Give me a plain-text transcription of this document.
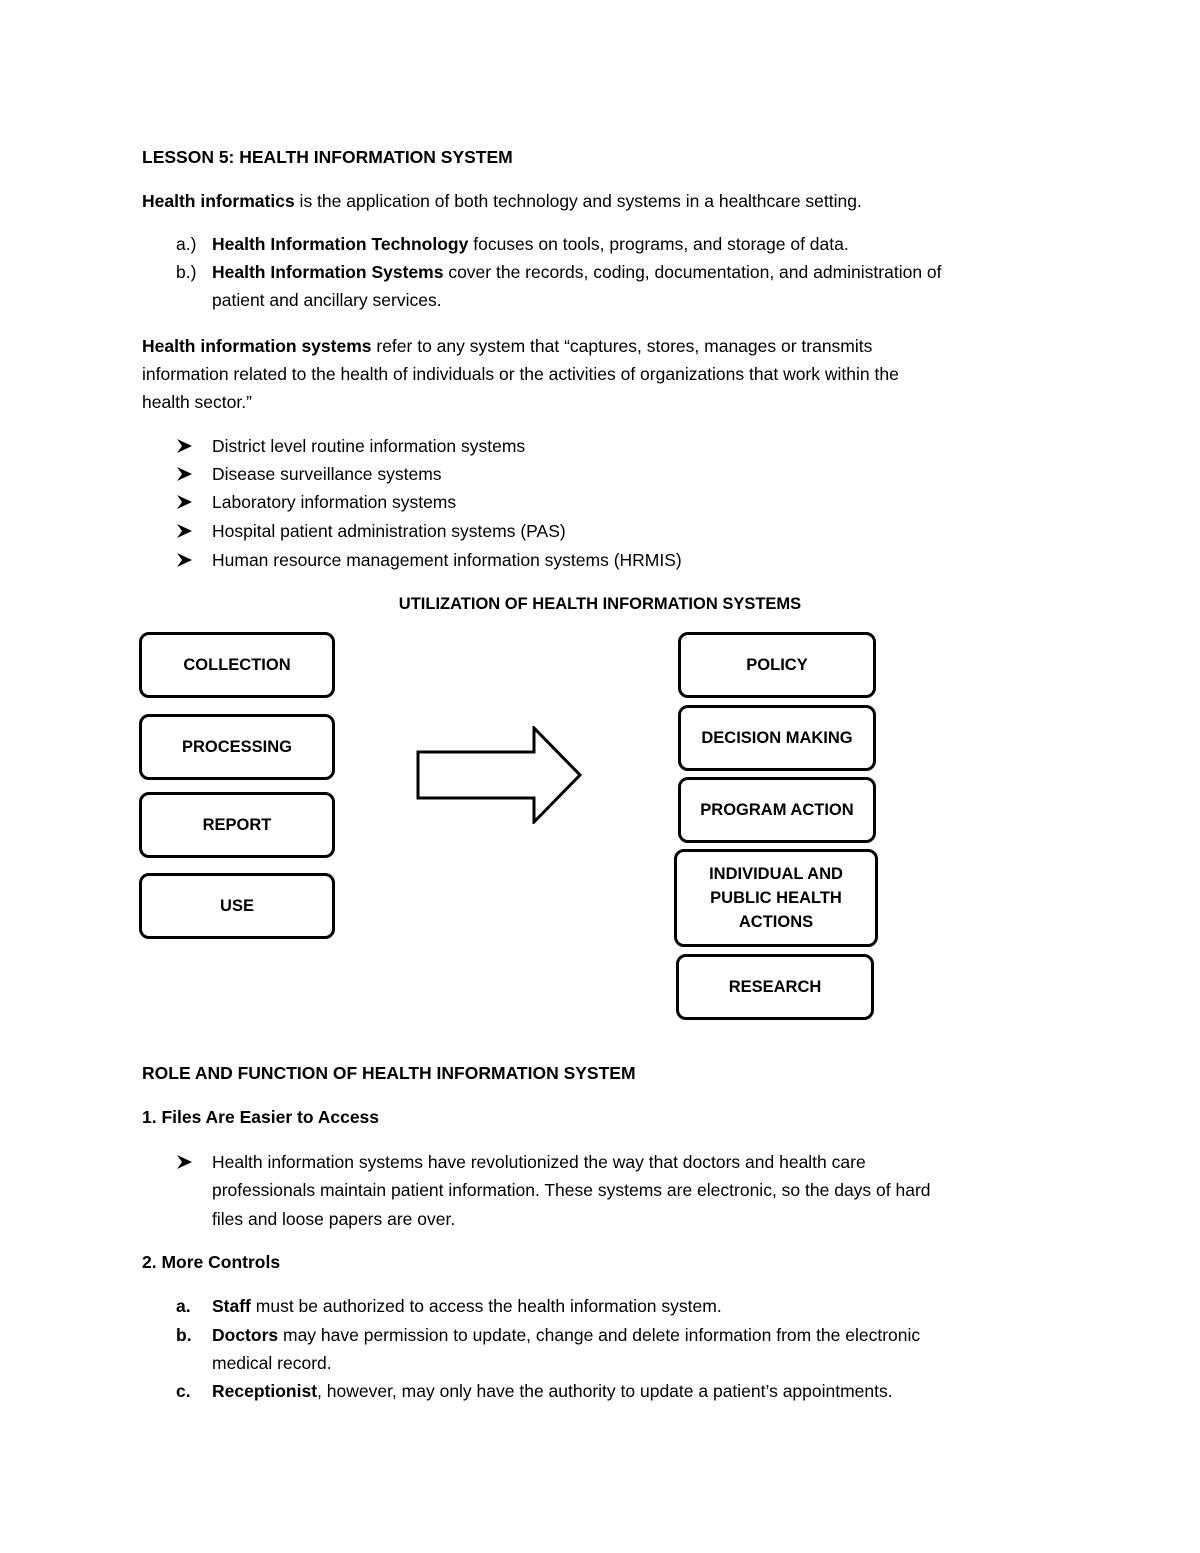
LESSON 5: HEALTH INFORMATION SYSTEM
Health informatics is the application of both technology and systems in a healthcare setting.
a.) Health Information Technology focuses on tools, programs, and storage of data.
b.) Health Information Systems cover the records, coding, documentation, and administration of
patient and ancillary services.
Health information systems refer to any system that “captures, stores, manages or transmits
information related to the health of individuals or the activities of organizations that work within the
health sector.”
District level routine information systems
Disease surveillance systems
Laboratory information systems
Hospital patient administration systems (PAS)
Human resource management information systems (HRMIS)
UTILIZATION OF HEALTH INFORMATION SYSTEMS
COLLECTION
PROCESSING
REPORT
USE
POLICY
DECISION MAKING
PROGRAM ACTION
INDIVIDUAL AND PUBLIC HEALTH ACTIONS
RESEARCH
ROLE AND FUNCTION OF HEALTH INFORMATION SYSTEM
1. Files Are Easier to Access
Health information systems have revolutionized the way that doctors and health care
professionals maintain patient information. These systems are electronic, so the days of hard
files and loose papers are over.
2. More Controls
a.	Staff must be authorized to access the health information system.
b.	Doctors may have permission to update, change and delete information from the electronic
medical record.
c.	Receptionist, however, may only have the authority to update a patient’s appointments.
